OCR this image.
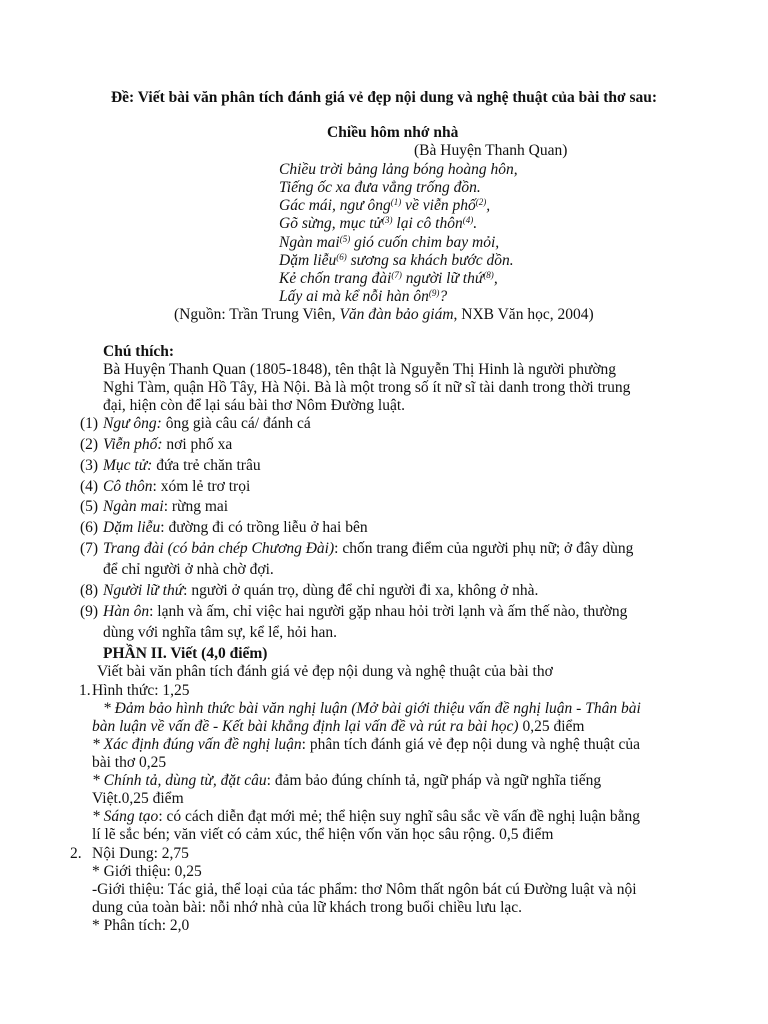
Đề: Viết bài văn phân tích đánh giá vẻ đẹp nội dung và nghệ thuật của bài thơ sau:
Chiều hôm nhớ nhà
(Bà Huyện Thanh Quan)
Chiều trời bảng lảng bóng hoàng hôn,
Tiếng ốc xa đưa vẳng trống đồn.
Gác mái, ngư ông$^{(1)}$ về viễn phố$^{(2)}$,
Gõ sừng, mục tử$^{(3)}$ lại cô thôn$^{(4)}$.
Ngàn mai$^{(5)}$ gió cuốn chim bay mỏi,
Dặm liễu$^{(6)}$ sương sa khách bước dồn.
Kẻ chốn trang đài$^{(7)}$ người lữ thứ$^{(8)}$,
Lấy ai mà kể nỗi hàn $ôn^{(9)}$?
(Nguồn: Trần Trung Viên, Văn đàn bảo giám, NXB Văn học, 2004)
Chú thích:
Bà Huyện Thanh Quan (1805-1848), tên thật là Nguyễn Thị Hinh là người phường
Nghi Tàm, quận Hồ Tây, Hà Nội. Bà là một trong số ít nữ sĩ tài danh trong thời trung
đại, hiện còn để lại sáu bài thơ Nôm Đường luật.
(1) Ngư ông: ông già câu cá/ đánh cá
(2) Viễn phố: nơi phố xa
(3) Mục tử: đứa trẻ chăn trâu
(4) Cô thôn: xóm lẻ trơ trọi
(5) Ngàn mai: rừng mai
(6) Dặm liễu: đường đi có trồng liễu ở hai bên
(7) Trang đài (có bản chép Chương Đài): chốn trang điểm của người phụ nữ; ở đây dùng
để chỉ người ở nhà chờ đợi.
(8) Người lữ thứ: người ở quán trọ, dùng để chỉ người đi xa, không ở nhà.
(9) Hàn ôn: lạnh và ấm, chỉ việc hai người gặp nhau hỏi trời lạnh và ấm thế nào, thường
dùng với nghĩa tâm sự, kể lể, hỏi han.
PHẦN II. Viết (4,0 điểm)
Viết bài văn phân tích đánh giá vẻ đẹp nội dung và nghệ thuật của bài thơ
1. Hình thức: 1,25
* Đảm bảo hình thức bài văn nghị luận (Mở bài giới thiệu vấn đề nghị luận - Thân bài
bàn luận về vấn đề - Kết bài khẳng định lại vấn đề và rút ra bài học) 0,25 điểm
* Xác định đúng vấn đề nghị luận: phân tích đánh giá vẻ đẹp nội dung và nghệ thuật của
bài thơ 0,25
* Chính tả, dùng từ, đặt câu: đảm bảo đúng chính tả, ngữ pháp và ngữ nghĩa tiếng
Việt.0,25 điểm
* Sáng tạo: có cách diễn đạt mới mẻ; thể hiện suy nghĩ sâu sắc về vấn đề nghị luận bằng
lí lẽ sắc bén; văn viết có cảm xúc, thể hiện vốn văn học sâu rộng. 0,5 điểm
2. Nội Dung: 2,75
* Giới thiệu: 0,25
-Giới thiệu: Tác giả, thể loại của tác phẩm: thơ Nôm thất ngôn bát cú Đường luật và nội
dung của toàn bài: nỗi nhớ nhà của lữ khách trong buổi chiều lưu lạc.
* Phân tích: 2,0
